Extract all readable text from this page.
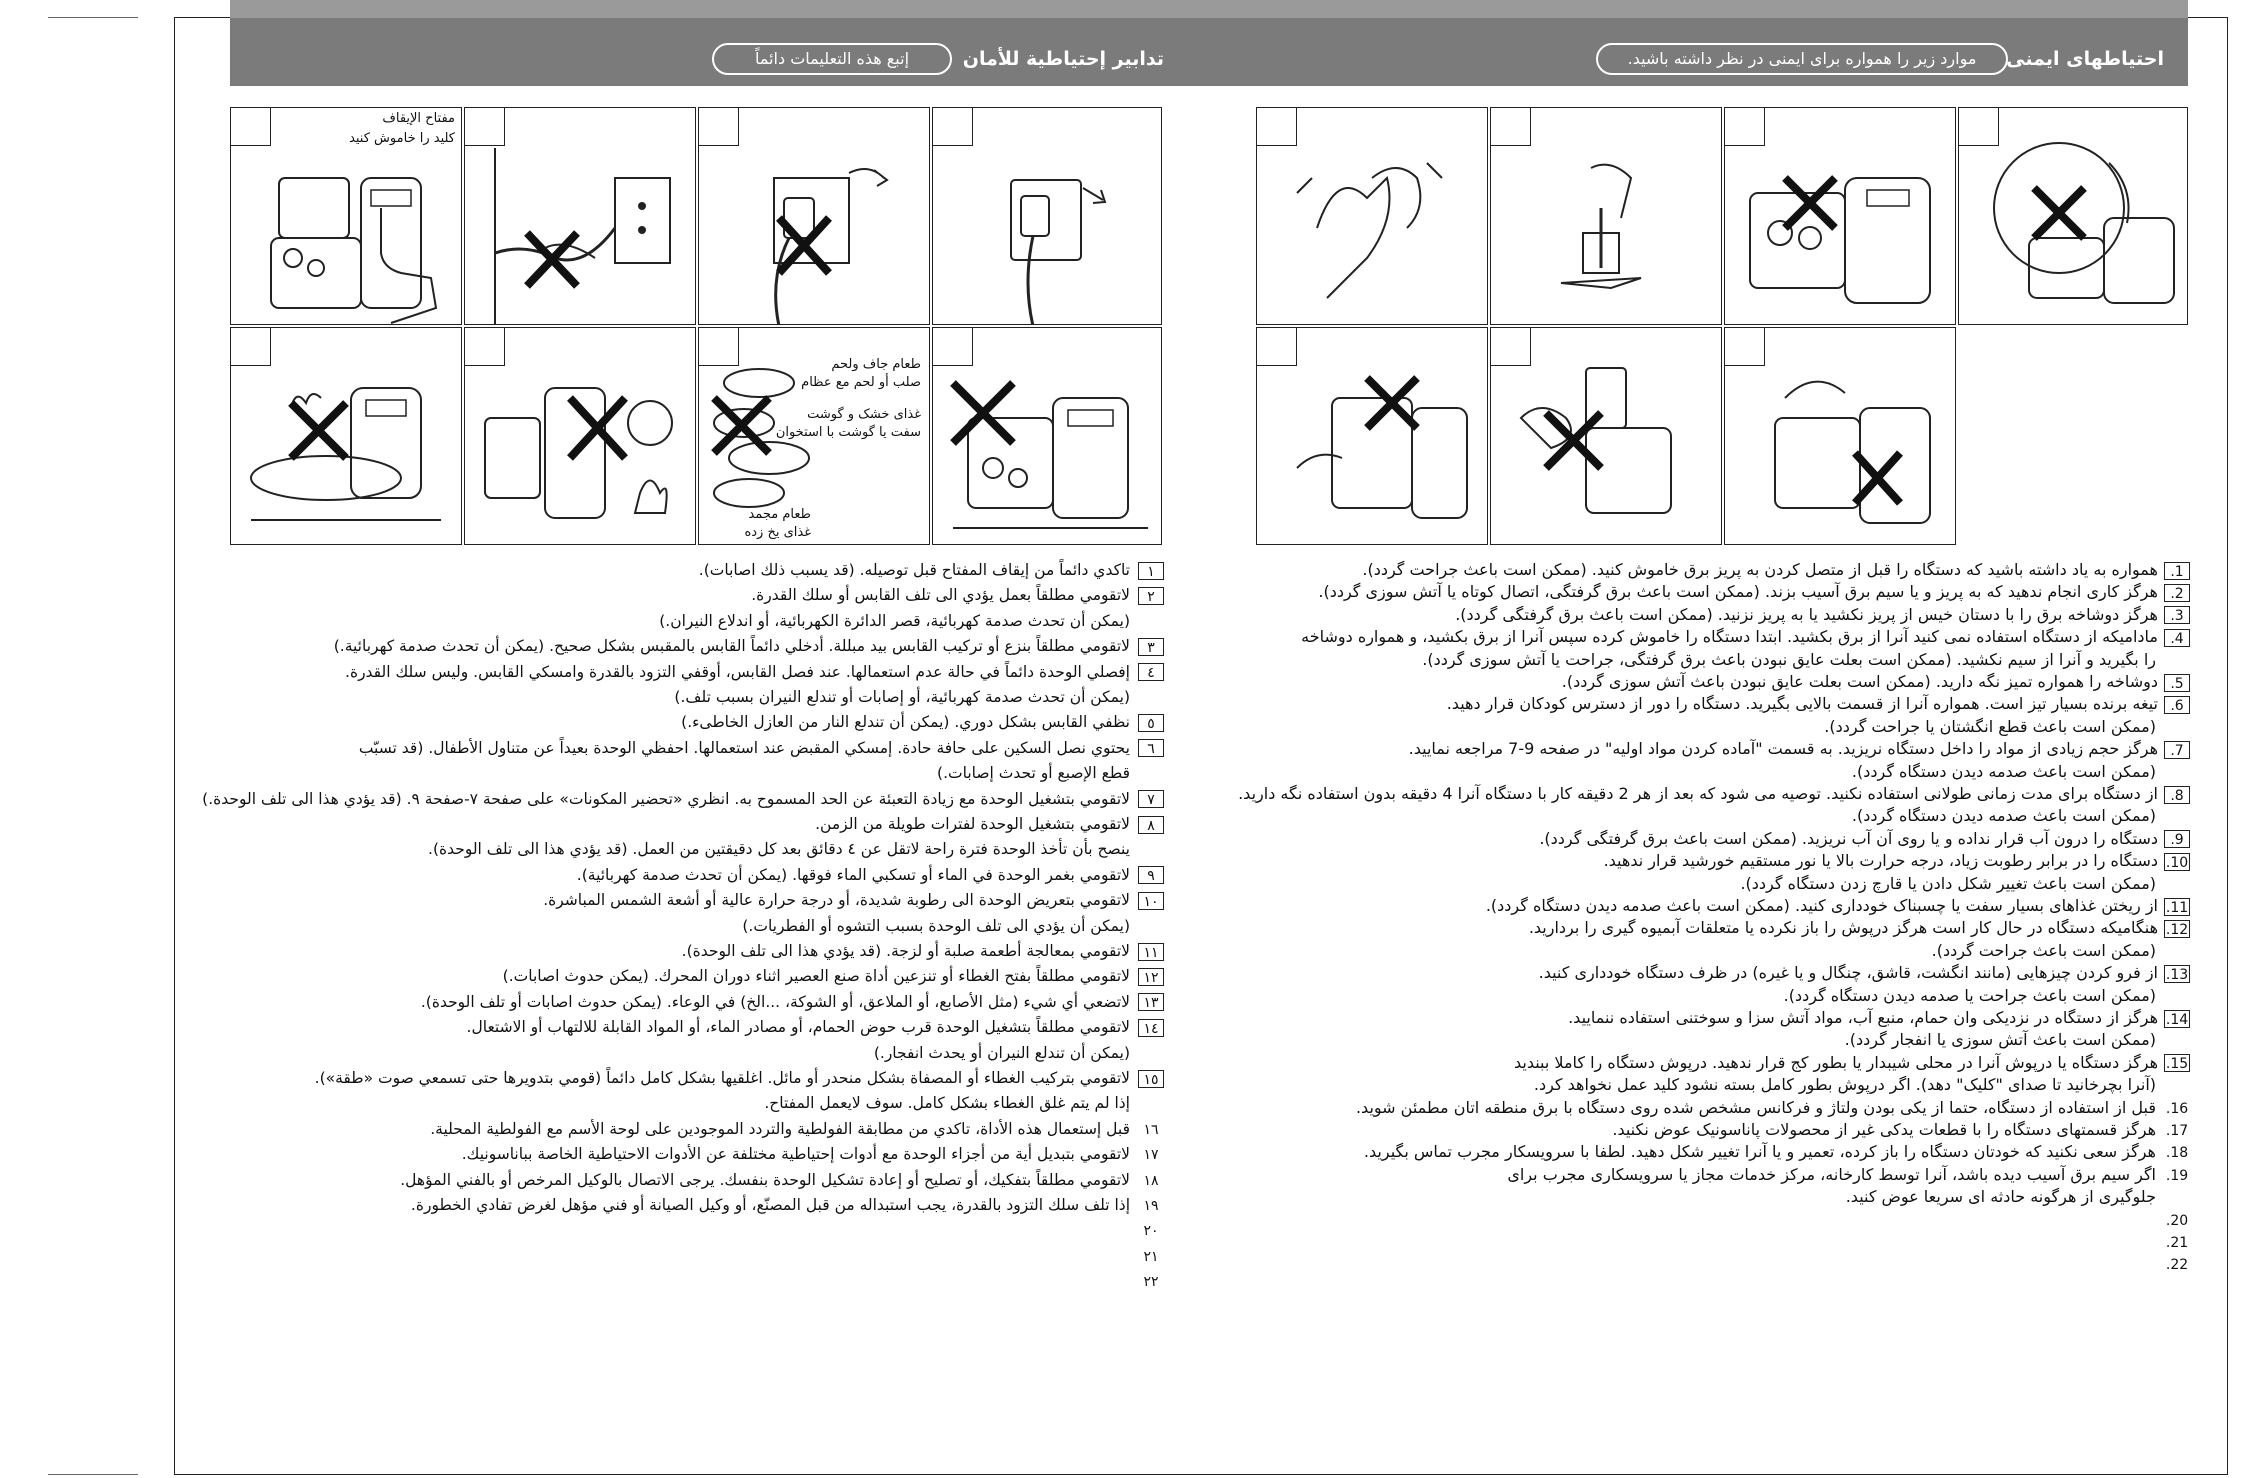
احتیاطهای ایمنی
موارد زیر را همواره برای ایمنی در نظر داشته باشید.
تدابير إحتياطية للأمان
إتبع هذه التعليمات دائماً
مفتاح الإيقاف
کلید را خاموش کنید
طعام جاف ولحم
صلب أو لحم مع عظام
غذای خشک و گوشت
سفت یا گوشت با استخوان
طعام مجمد
غذای یخ زده
١تاكدي دائماً من إيقاف المفتاح قبل توصيله. (قد يسبب ذلك اصابات).
٢لاتقومي مطلقاً بعمل يؤدي الى تلف القابس أو سلك القدرة.
(يمكن أن تحدث صدمة كهربائية، قصر الدائرة الكهربائية، أو اندلاع النيران.)
٣لاتقومي مطلقاً بنزع أو تركيب القابس بيد مبللة. أدخلي دائماً القابس بالمقبس بشكل صحيح. (يمكن أن تحدث صدمة كهربائية.)
٤إفصلي الوحدة دائماً في حالة عدم استعمالها. عند فصل القابس، أوقفي التزود بالقدرة وامسكي القابس. وليس سلك القدرة.
(يمكن أن تحدث صدمة كهربائية، أو إصابات أو تندلع النيران بسبب تلف.)
٥نظفي القابس بشكل دوري. (يمكن أن تندلع النار من العازل الخاطىء.)
٦يحتوي نصل السكين على حافة حادة. إمسكي المقبض عند استعمالها. احفظي الوحدة بعيداً عن متناول الأطفال. (قد تسبّب
قطع الإصبع أو تحدث إصابات.)
٧لاتقومي بتشغيل الوحدة مع زيادة التعبئة عن الحد المسموح به. انظري «تحضير المكونات» على صفحة ٧-صفحة ٩. (قد يؤدي هذا الى تلف الوحدة.)
٨لاتقومي بتشغيل الوحدة لفترات طويلة من الزمن.
ينصح بأن تأخذ الوحدة فترة راحة لاتقل عن ٤ دقائق بعد كل دقيقتين من العمل. (قد يؤدي هذا الى تلف الوحدة).
٩لاتقومي بغمر الوحدة في الماء أو تسكبي الماء فوقها. (يمكن أن تحدث صدمة كهربائية).
١٠لاتقومي بتعريض الوحدة الى رطوبة شديدة، أو درجة حرارة عالية أو أشعة الشمس المباشرة.
(يمكن أن يؤدي الى تلف الوحدة بسبب التشوه أو الفطريات.)
١١لاتقومي بمعالجة أطعمة صلبة أو لزجة. (قد يؤدي هذا الى تلف الوحدة).
١٢لاتقومي مطلقاً بفتح الغطاء أو تنزعين أداة صنع العصير اثناء دوران المحرك. (يمكن حدوث اصابات.)
١٣لاتضعي أي شيء (مثل الأصابع، أو الملاعق، أو الشوكة، ...الخ) في الوعاء. (يمكن حدوث اصابات أو تلف الوحدة).
١٤لاتقومي مطلقاً بتشغيل الوحدة قرب حوض الحمام، أو مصادر الماء، أو المواد القابلة للالتهاب أو الاشتعال.
(يمكن أن تندلع النيران أو يحدث انفجار.)
١٥لاتقومي بتركيب الغطاء أو المصفاة بشكل منحدر أو مائل. اغلقيها بشكل كامل دائماً (قومي بتدويرها حتى تسمعي صوت «طقة»).
إذا لم يتم غلق الغطاء بشكل كامل. سوف لايعمل المفتاح.
١٦قبل إستعمال هذه الأداة، تاكدي من مطابقة الفولطية والتردد الموجودين على لوحة الأسم مع الفولطية المحلية.
١٧لاتقومي بتبديل أية من أجزاء الوحدة مع أدوات إحتياطية مختلفة عن الأدوات الاحتياطية الخاصة بباناسونيك.
١٨لاتقومي مطلقاً بتفكيك، أو تصليح أو إعادة تشكيل الوحدة بنفسك. يرجى الاتصال بالوكيل المرخص أو بالفني المؤهل.
١٩إذا تلف سلك التزود بالقدرة، يجب استبداله من قبل المصنّع، أو وكيل الصيانة أو فني مؤهل لغرض تفادي الخطورة.
٢٠
٢١
٢٢
1.همواره به یاد داشته باشید که دستگاه را قبل از متصل کردن به پریز برق خاموش کنید. (ممکن است باعث جراحت گردد).
2.هرگز کاری انجام ندهید که به پریز و یا سیم برق آسیب بزند. (ممکن است باعث برق گرفتگی، اتصال کوتاه یا آتش سوزی گردد).
3.هرگز دوشاخه برق را با دستان خیس از پریز نکشید یا به پریز نزنید. (ممکن است باعث برق گرفتگی گردد).
4.مادامیکه از دستگاه استفاده نمی کنید آنرا از برق بکشید. ابتدا دستگاه را خاموش کرده سپس آنرا از برق بکشید، و همواره دوشاخه
را بگیرید و آنرا از سیم نکشید. (ممکن است بعلت عایق نبودن باعث برق گرفتگی، جراحت یا آتش سوزی گردد).
5.دوشاخه را همواره تمیز نگه دارید. (ممکن است بعلت عایق نبودن باعث آتش سوزی گردد).
6.تیغه برنده بسیار تیز است. همواره آنرا از قسمت بالایی بگیرید. دستگاه را دور از دسترس کودکان قرار دهید.
(ممکن است باعث قطع انگشتان یا جراحت گردد).
7.هرگز حجم زیادی از مواد را داخل دستگاه نریزید. به قسمت "آماده کردن مواد اولیه" در صفحه 9-7 مراجعه نمایید.
(ممکن است باعث صدمه دیدن دستگاه گردد).
8.از دستگاه برای مدت زمانی طولانی استفاده نکنید. توصیه می شود که بعد از هر 2 دقیقه کار با دستگاه آنرا 4 دقیقه بدون استفاده نگه دارید.
(ممکن است باعث صدمه دیدن دستگاه گردد).
9.دستگاه را درون آب قرار نداده و یا روی آن آب نریزید. (ممکن است باعث برق گرفتگی گردد).
10.دستگاه را در برابر رطوبت زیاد، درجه حرارت بالا یا نور مستقیم خورشید قرار ندهید.
(ممکن است باعث تغییر شکل دادن یا قارچ زدن دستگاه گردد).
11.از ریختن غذاهای بسیار سفت یا چسبناک خودداری کنید. (ممکن است باعث صدمه دیدن دستگاه گردد).
12.هنگامیکه دستگاه در حال کار است هرگز درپوش را باز نکرده یا متعلقات آبمیوه گیری را بردارید.
(ممکن است باعث جراحت گردد).
13.از فرو کردن چیزهایی (مانند انگشت، قاشق، چنگال و یا غیره) در ظرف دستگاه خودداری کنید.
(ممکن است باعث جراحت یا صدمه دیدن دستگاه گردد).
14.هرگز از دستگاه در نزدیکی وان حمام، منبع آب، مواد آتش سزا و سوختنی استفاده ننمایید.
(ممکن است باعث آتش سوزی یا انفجار گردد).
15.هرگز دستگاه یا درپوش آنرا در محلی شیبدار یا بطور کج قرار ندهید. درپوش دستگاه را کاملا ببندید
(آنرا بچرخانید تا صدای "کلیک" دهد). اگر درپوش بطور کامل بسته نشود کلید عمل نخواهد کرد.
16.قبل از استفاده از دستگاه، حتما از یکی بودن ولتاژ و فرکانس مشخص شده روی دستگاه با برق منطقه اتان مطمئن شوید.
17.هرگز قسمتهای دستگاه را با قطعات یدکی غیر از محصولات پاناسونیک عوض نکنید.
18.هرگز سعی نکنید که خودتان دستگاه را باز کرده، تعمیر و یا آنرا تغییر شکل دهید. لطفا با سرویسکار مجرب تماس بگیرید.
19.اگر سیم برق آسیب دیده باشد، آنرا توسط کارخانه، مرکز خدمات مجاز یا سرویسکاری مجرب برای
جلوگیری از هرگونه حادثه ای سریعا عوض کنید.
20.
21.
22.
